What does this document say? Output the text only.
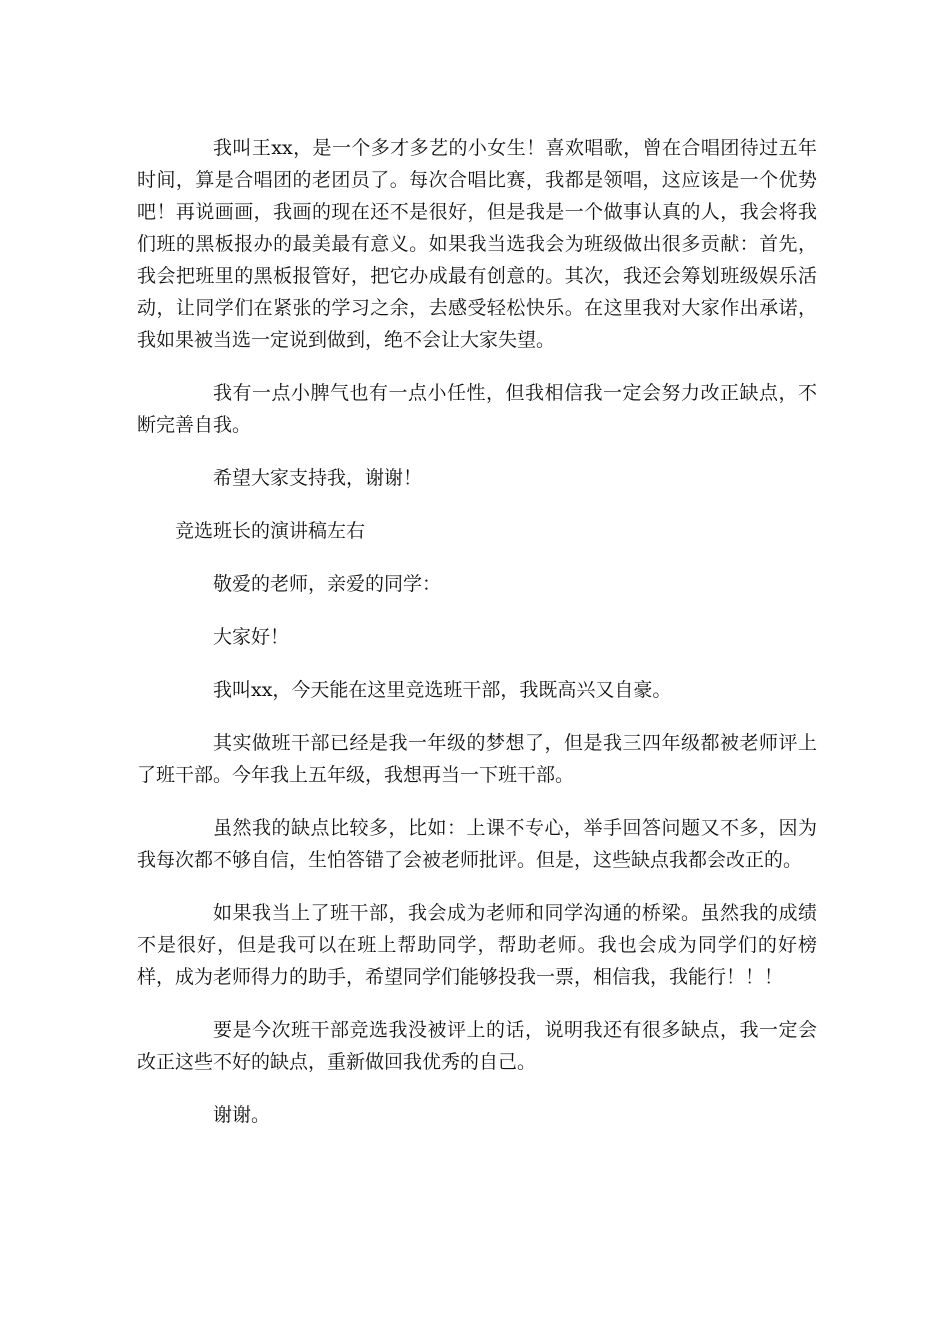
我叫王xx，是一个多才多艺的小女生！喜欢唱歌，曾在合唱团待过五年时间，算是合唱团的老团员了。每次合唱比赛，我都是领唱，这应该是一个优势吧！再说画画，我画的现在还不是很好，但是我是一个做事认真的人，我会将我们班的黑板报办的最美最有意义。如果我当选我会为班级做出很多贡献：首先，我会把班里的黑板报管好，把它办成最有创意的。其次，我还会筹划班级娱乐活动，让同学们在紧张的学习之余，去感受轻松快乐。在这里我对大家作出承诺，我如果被当选一定说到做到，绝不会让大家失望。

我有一点小脾气也有一点小任性，但我相信我一定会努力改正缺点，不断完善自我。

希望大家支持我，谢谢！

竞选班长的演讲稿左右

敬爱的老师，亲爱的同学：

大家好！

我叫xx，今天能在这里竞选班干部，我既高兴又自豪。

其实做班干部已经是我一年级的梦想了，但是我三四年级都被老师评上了班干部。今年我上五年级，我想再当一下班干部。

虽然我的缺点比较多，比如：上课不专心，举手回答问题又不多，因为我每次都不够自信，生怕答错了会被老师批评。但是，这些缺点我都会改正的。

如果我当上了班干部，我会成为老师和同学沟通的桥梁。虽然我的成绩不是很好，但是我可以在班上帮助同学，帮助老师。我也会成为同学们的好榜样，成为老师得力的助手，希望同学们能够投我一票，相信我，我能行！！！

要是今次班干部竞选我没被评上的话，说明我还有很多缺点，我一定会改正这些不好的缺点，重新做回我优秀的自己。

谢谢。
